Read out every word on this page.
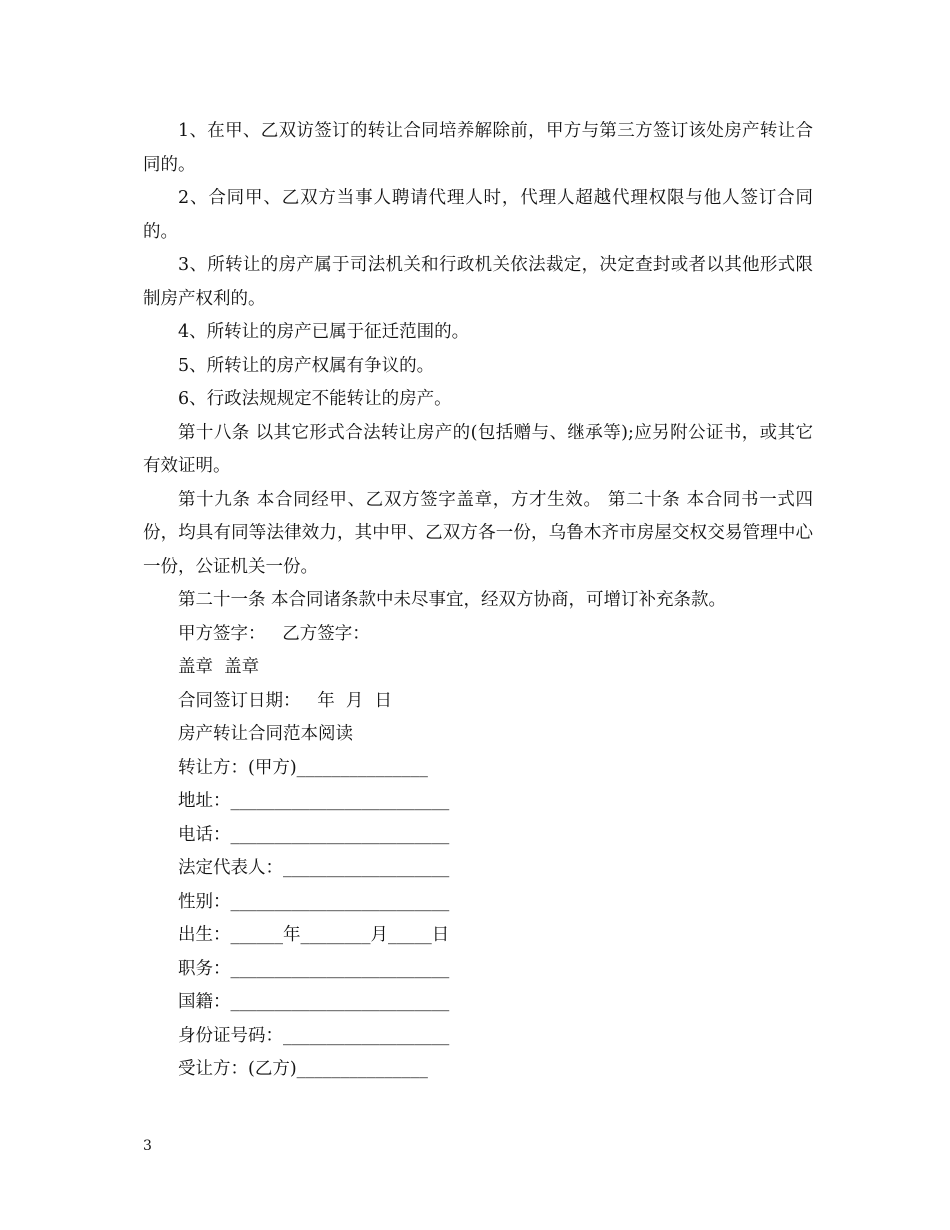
1、在甲、乙双访签订的转让合同培养解除前，甲方与第三方签订该处房产转让合同的。

2、合同甲、乙双方当事人聘请代理人时，代理人超越代理权限与他人签订合同的。

3、所转让的房产属于司法机关和行政机关依法裁定，决定查封或者以其他形式限制房产权利的。

4、所转让的房产已属于征迁范围的。

5、所转让的房产权属有争议的。

6、行政法规规定不能转让的房产。

第十八条 以其它形式合法转让房产的(包括赠与、继承等);应另附公证书，或其它有效证明。

第十九条 本合同经甲、乙双方签字盖章，方才生效。 第二十条 本合同书一式四份，均具有同等法律效力，其中甲、乙双方各一份，乌鲁木齐市房屋交权交易管理中心一份，公证机关一份。

第二十一条 本合同诸条款中未尽事宜，经双方协商，可增订补充条款。

甲方签字：   乙方签字：

盖章  盖章

合同签订日期：   年  月  日

房产转让合同范本阅读

转让方：(甲方)_______________

地址：_________________________

电话：_________________________

法定代表人：___________________

性别：_________________________

出生：______年________月_____日

职务：_________________________

国籍：_________________________

身份证号码：___________________

受让方：(乙方)_______________

3
